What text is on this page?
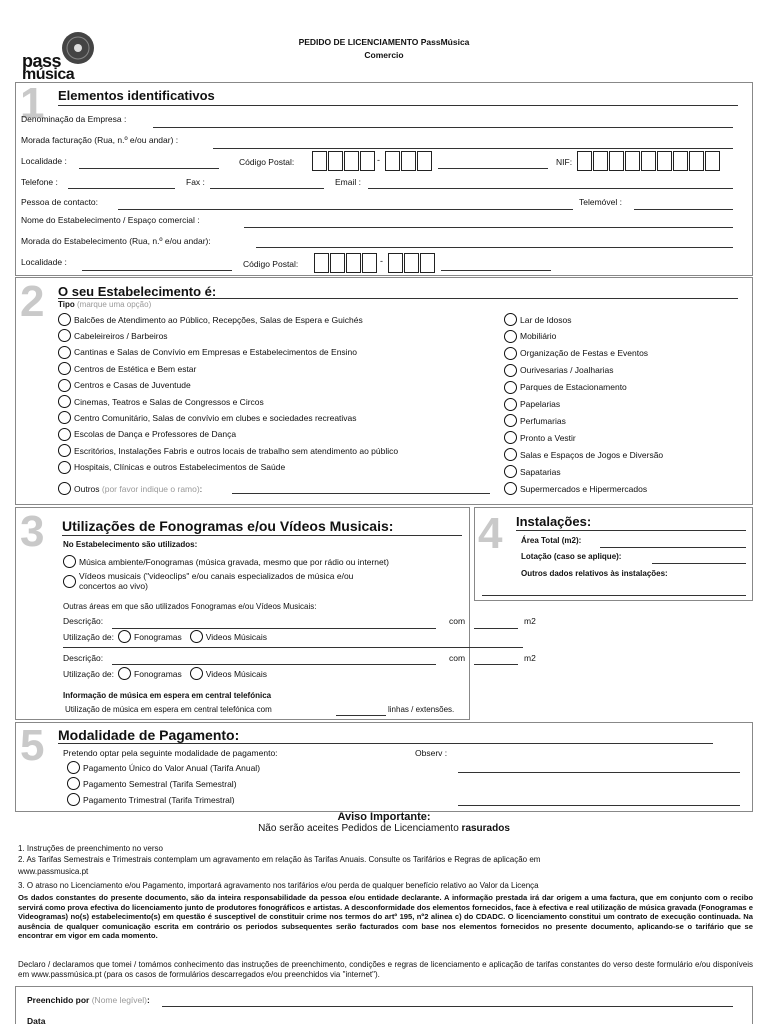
pass
música
PEDIDO DE LICENCIAMENTO PassMúsica
Comercio
1 Elementos identificativos
Denominação da Empresa :
Morada facturação (Rua, n.º e/ou andar) :
Localidade :	Código Postal:	-	NIF:
Telefone :	Fax :	Email :
Pessoa de contacto:	Telemóvel :
Nome do Estabelecimento / Espaço comercial :
Morada do Estabelecimento (Rua, n.º e/ou andar):
Localidade :	Código Postal:	-
2 O seu Estabelecimento é:
Tipo (marque uma opção)
Balcões de Atendimento ao Público, Recepções, Salas de Espera e Guichés
Cabeleireiros / Barbeiros
Cantinas e Salas de Convívio em Empresas e Estabelecimentos de Ensino
Centros de Estética e Bem estar
Centros e Casas de Juventude
Cinemas, Teatros e Salas de Congressos e Circos
Centro Comunitário, Salas de convívio em clubes e sociedades recreativas
Escolas de Dança e Professores de Dança
Escritórios, Instalações Fabris e outros locais de trabalho sem atendimento ao público
Hospitais, Clínicas e outros Estabelecimentos de Saúde
Outros
(por favor indique o ramo) :
Lar de Idosos
Mobiliário
Organização de Festas e Eventos
Ourivesarias / Joalharias
Parques de Estacionamento
Papelarias
Perfumarias
Pronto a Vestir
Salas e Espaços de Jogos e Diversão
Sapatarias
Supermercados e Hipermercados
3 Utilizações de Fonogramas e/ou Vídeos Musicais:
No Estabelecimento são utilizados:
Música ambiente/Fonogramas (música gravada, mesmo que por rádio ou internet)
Vídeos musicais ("videoclips" e/ou canais especializados de música e/ou
concertos ao vivo)
Outras áreas em que são utilizados Fonogramas e/ou Vídeos Musicais:
Descrição:	com	m2
Utilização de: Fonogramas	Videos Músicais
Descrição:	com	m2
Utilização de: Fonogramas	Videos Músicais
Informação de música em espera em central telefónica
Utilização de música em espera em central telefónica com	linhas / extensões.
4 Instalações:
Área Total (m2):
Lotação (caso se aplique):
Outros dados relativos às instalações:
5 Modalidade de Pagamento:
Pretendo optar pela seguinte modalidade de pagamento:	Observ :
Pagamento Único do Valor Anual (Tarifa Anual)
Pagamento Semestral (Tarifa Semestral)
Pagamento Trimestral (Tarifa Trimestral)
Aviso Importante:
Não serão aceites Pedidos de Licenciamento rasurados
1. Instruções de preenchimento no verso
2. As Tarifas Semestrais e Trimestrais contemplam um agravamento em relação às Tarifas Anuais. Consulte os Tarifários e Regras de aplicação em
www.passmusica.pt
3. O atraso no Licenciamento e/ou Pagamento, importará agravamento nos tarifários e/ou perda de qualquer benefício relativo ao Valor da Licença
Os dados constantes do presente documento, são da inteira responsabilidade da pessoa e/ou entidade declarante. A informação prestada irá dar origem a uma factura, que em conjunto com o recibo servirá como prova efectiva do licenciamento junto de produtores fonográficos e artistas. A desconformidade dos elementos fornecidos, face à efectiva e real utilização de música gravada (Fonogramas e Videogramas) no(s) estabelecimento(s) em questão é susceptivel de constituir crime nos termos do artº 195, nº2 alinea c) do CDADC. O licenciamento constitui um contrato de execução continuada. Na ausência de qualquer comunicação escrita em contrário os periodos subsequentes serão facturados com base nos elementos fornecidos no presente documento, aplicando-se o tarifário que se encontrar em vigor em cada momento.
Declaro / declaramos que tomei / tomámos conhecimento das instruções de preenchimento, condições e regras de licenciamento e aplicação de tarifas constantes do verso deste formulário e/ou disponíveis em www.passmúsica.pt (para os casos de formulários descarregados e/ou preenchidos via "internet").
Preenchido por (Nome legível):
Data
